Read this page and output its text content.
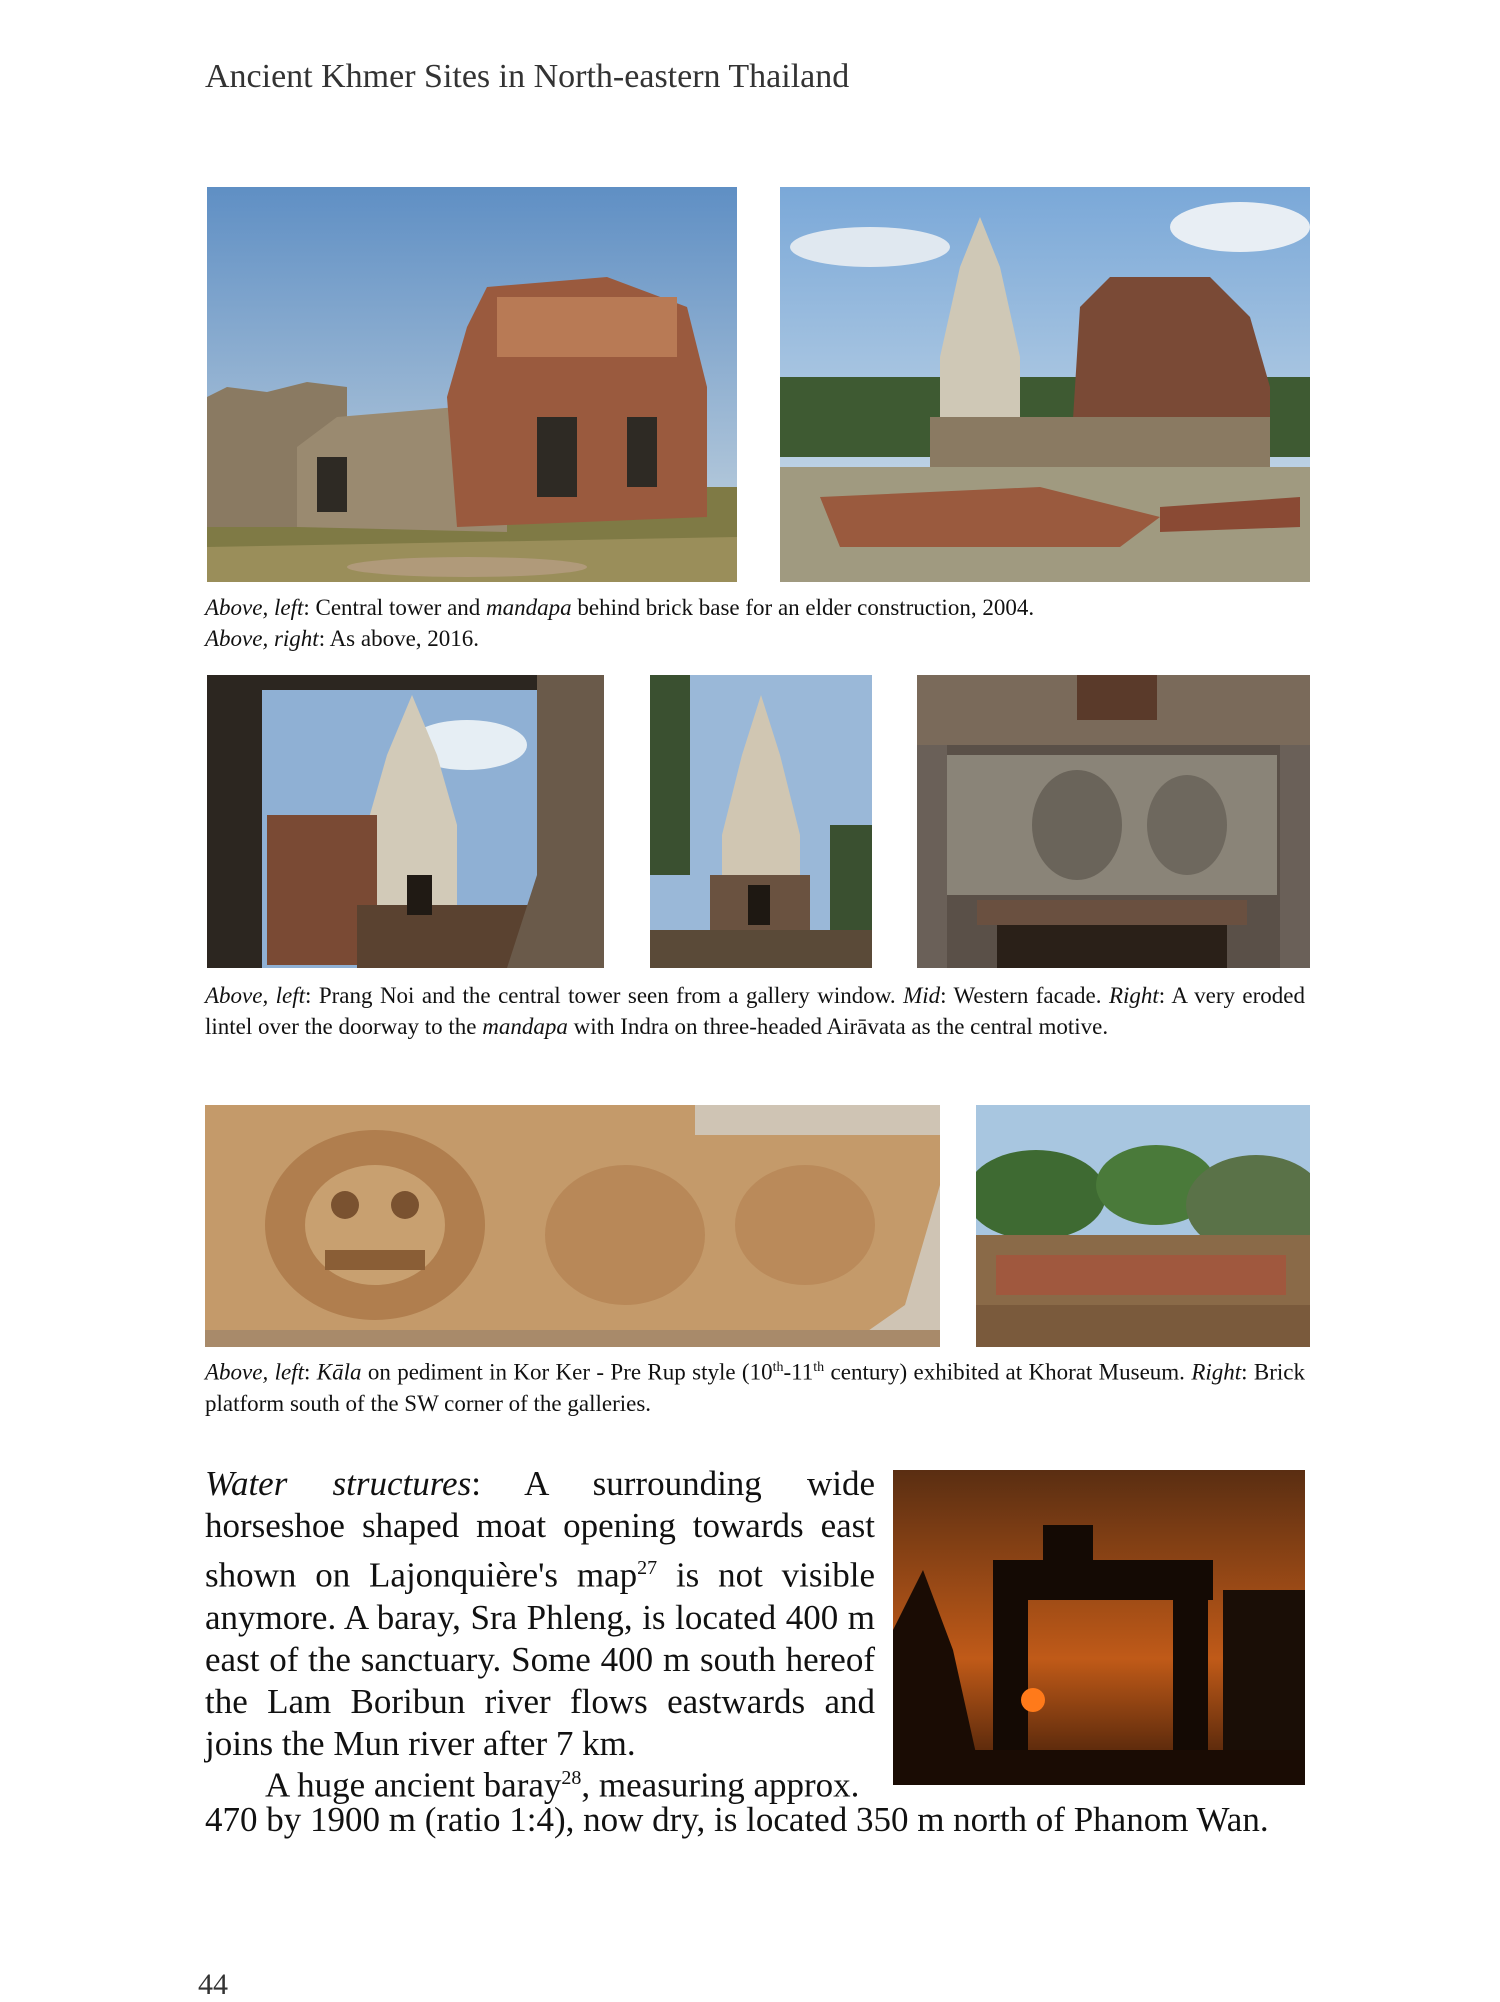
Ancient Khmer Sites in North-eastern Thailand
Above, left: Central tower and mandapa behind brick base for an elder construction, 2004.
Above, right: As above, 2016.
Above, left: Prang Noi and the central tower seen from a gallery window. Mid: Western facade. Right: A very eroded lintel over the doorway to the mandapa with Indra on three-headed Airāvata as the central motive.
Above, left: Kāla on pediment in Kor Ker - Pre Rup style (10th-11th century) exhibited at Khorat Museum. Right: Brick platform south of the SW corner of the galleries.
Water structures: A surrounding wide horseshoe shaped moat opening towards east shown on Lajonquière's map$^{27}$ is not visible anymore. A baray, Sra Phleng, is located 400 m east of the sanctuary. Some 400 m south hereof the Lam Boribun river flows eastwards and joins the Mun river after 7 km.
A huge ancient baray$^{28}$, measuring approx.
470 by 1900 m (ratio 1:4), now dry, is located 350 m north of Phanom Wan.
44
